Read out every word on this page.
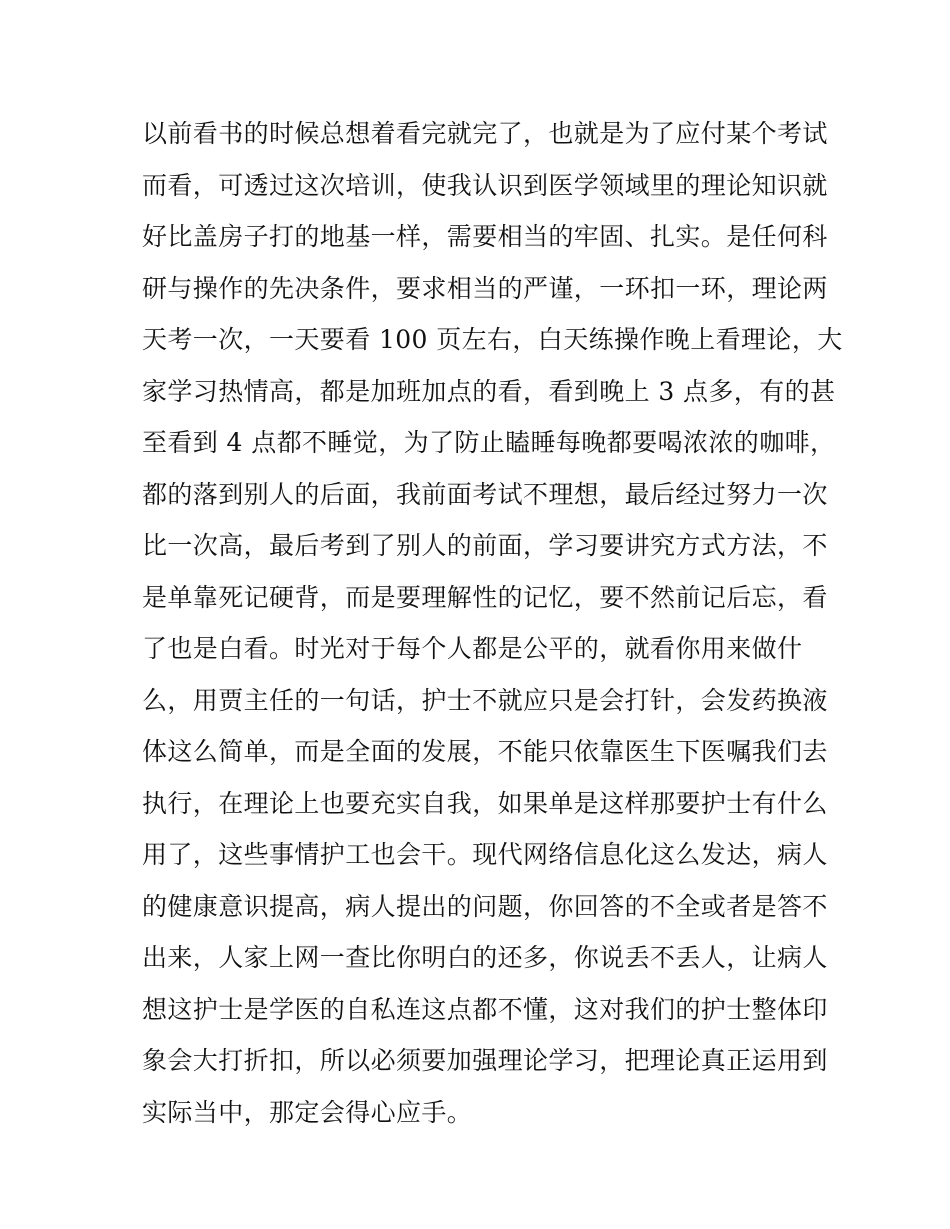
以前看书的时候总想着看完就完了，也就是为了应付某个考试
而看，可透过这次培训，使我认识到医学领域里的理论知识就
好比盖房子打的地基一样，需要相当的牢固、扎实。是任何科
研与操作的先决条件，要求相当的严谨，一环扣一环，理论两
天考一次，一天要看 100 页左右，白天练操作晚上看理论，大
家学习热情高，都是加班加点的看，看到晚上 3 点多，有的甚
至看到 4 点都不睡觉，为了防止瞌睡每晚都要喝浓浓的咖啡，
都的落到别人的后面，我前面考试不理想，最后经过努力一次
比一次高，最后考到了别人的前面，学习要讲究方式方法，不
是单靠死记硬背，而是要理解性的记忆，要不然前记后忘，看
了也是白看。时光对于每个人都是公平的，就看你用来做什
么，用贾主任的一句话，护士不就应只是会打针，会发药换液
体这么简单，而是全面的发展，不能只依靠医生下医嘱我们去
执行，在理论上也要充实自我，如果单是这样那要护士有什么
用了，这些事情护工也会干。现代网络信息化这么发达，病人
的健康意识提高，病人提出的问题，你回答的不全或者是答不
出来，人家上网一查比你明白的还多，你说丢不丢人，让病人
想这护士是学医的自私连这点都不懂，这对我们的护士整体印
象会大打折扣，所以必须要加强理论学习，把理论真正运用到
实际当中，那定会得心应手。
